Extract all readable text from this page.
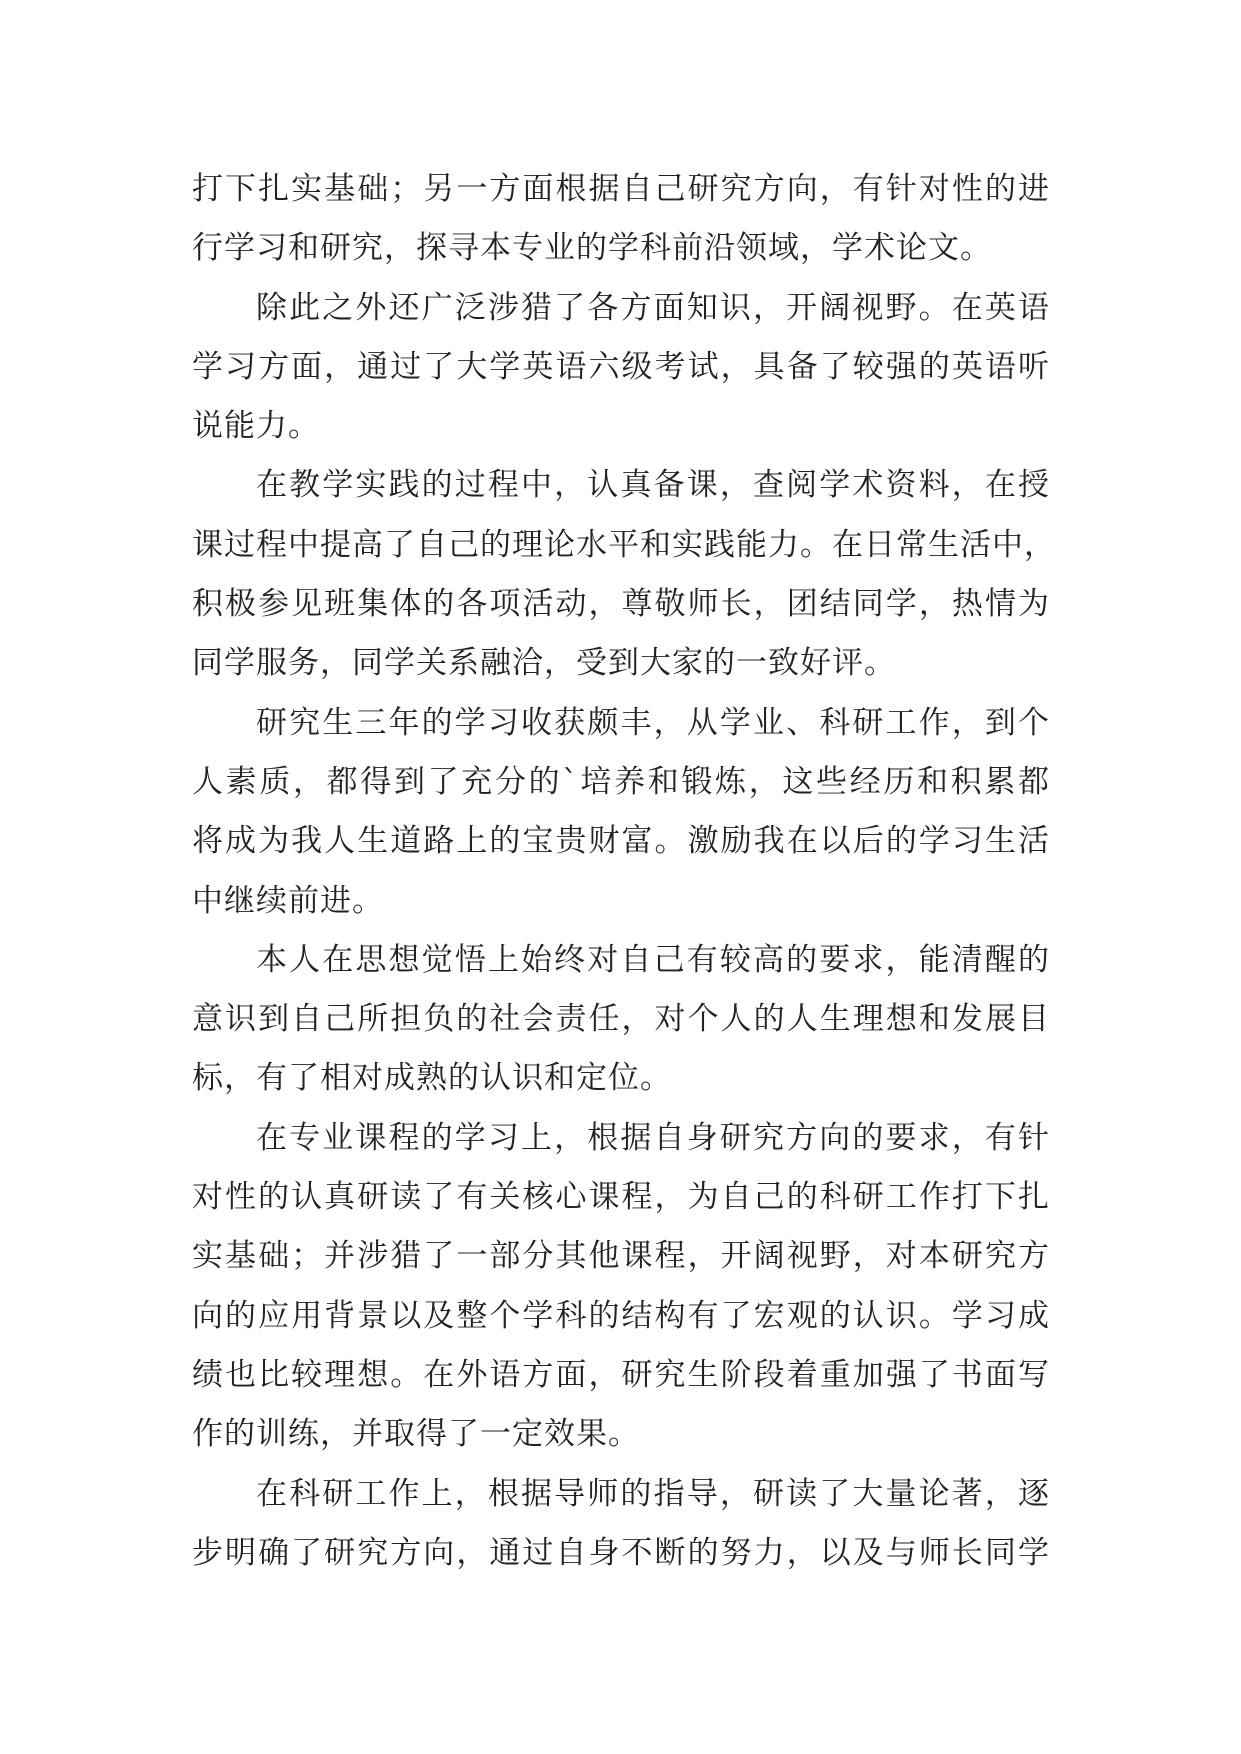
打下扎实基础；另一方面根据自己研究方向，有针对性的进
行学习和研究，探寻本专业的学科前沿领域，学术论文。
除此之外还广泛涉猎了各方面知识，开阔视野。在英语
学习方面，通过了大学英语六级考试，具备了较强的英语听
说能力。
在教学实践的过程中，认真备课，查阅学术资料，在授
课过程中提高了自己的理论水平和实践能力。在日常生活中，
积极参见班集体的各项活动，尊敬师长，团结同学，热情为
同学服务，同学关系融洽，受到大家的一致好评。
研究生三年的学习收获颇丰，从学业、科研工作，到个
人素质，都得到了充分的`培养和锻炼，这些经历和积累都
将成为我人生道路上的宝贵财富。激励我在以后的学习生活
中继续前进。
本人在思想觉悟上始终对自己有较高的要求，能清醒的
意识到自己所担负的社会责任，对个人的人生理想和发展目
标，有了相对成熟的认识和定位。
在专业课程的学习上，根据自身研究方向的要求，有针
对性的认真研读了有关核心课程，为自己的科研工作打下扎
实基础；并涉猎了一部分其他课程，开阔视野，对本研究方
向的应用背景以及整个学科的结构有了宏观的认识。学习成
绩也比较理想。在外语方面，研究生阶段着重加强了书面写
作的训练，并取得了一定效果。
在科研工作上，根据导师的指导，研读了大量论著，逐
步明确了研究方向，通过自身不断的努力，以及与师长同学
